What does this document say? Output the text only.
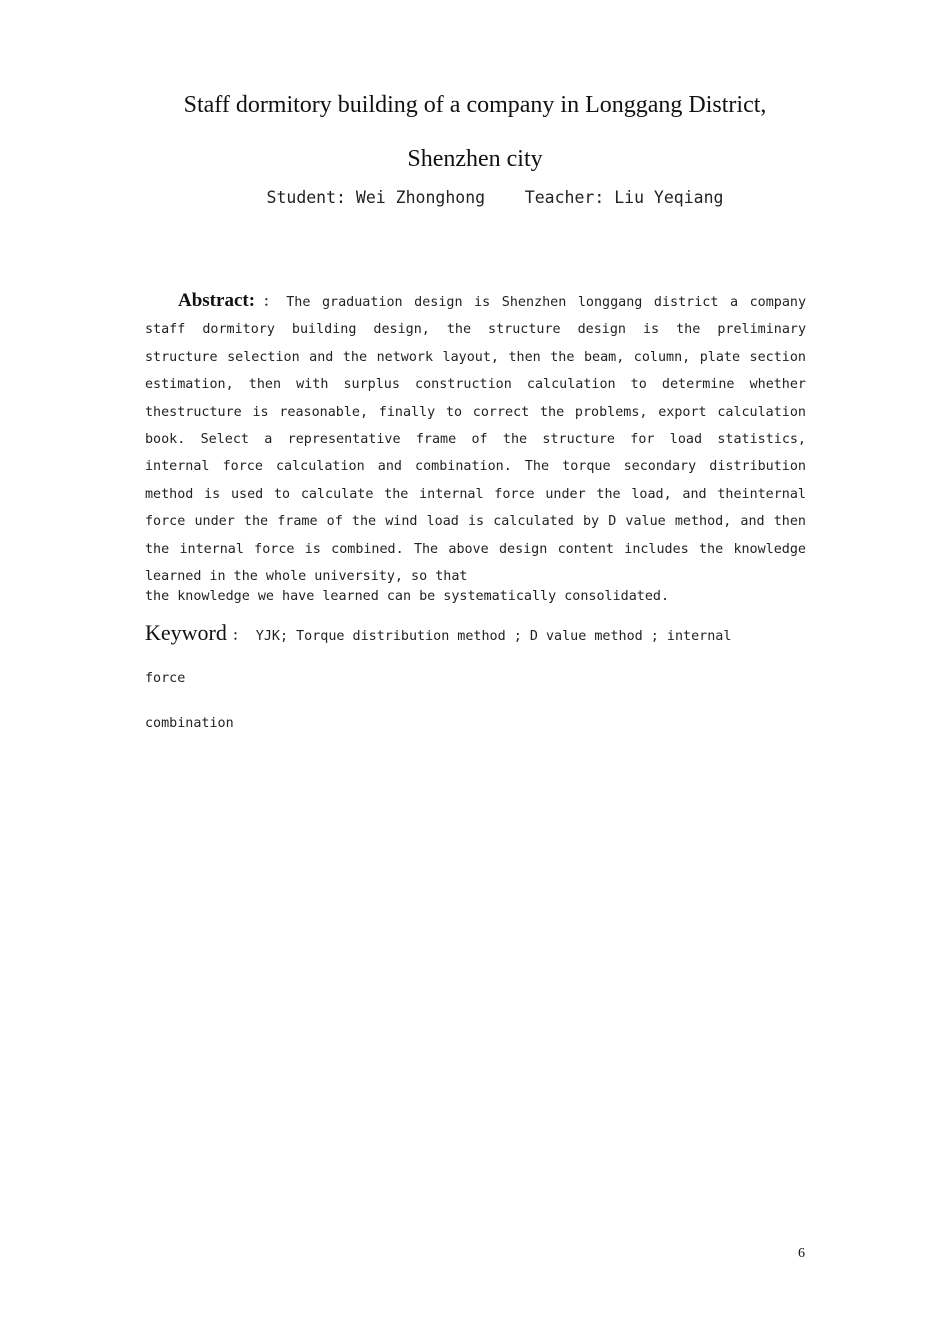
Staff dormitory building of a company in Longgang District,
Shenzhen city
Student: Wei Zhonghong    Teacher: Liu Yeqiang
Abstract: ： The graduation design is Shenzhen longgang district a company staff dormitory building design, the structure design is the preliminary structure selection and the network layout, then the beam, column, plate section estimation, then with surplus construction calculation to determine whether thestructure is reasonable, finally to correct the problems, export calculation book. Select a representative frame of the structure for load statistics, internal force calculation and combination. The torque secondary distribution method is used to calculate the internal force under the load, and theinternal force under the frame of the wind load is calculated by D value method, and then the internal force is combined. The above design content includes the knowledge learned in the whole university, so that
the knowledge we have learned can be systematically consolidated.
Keyword ： YJK; Torque distribution method ; D value method ; internal
force
combination
6
